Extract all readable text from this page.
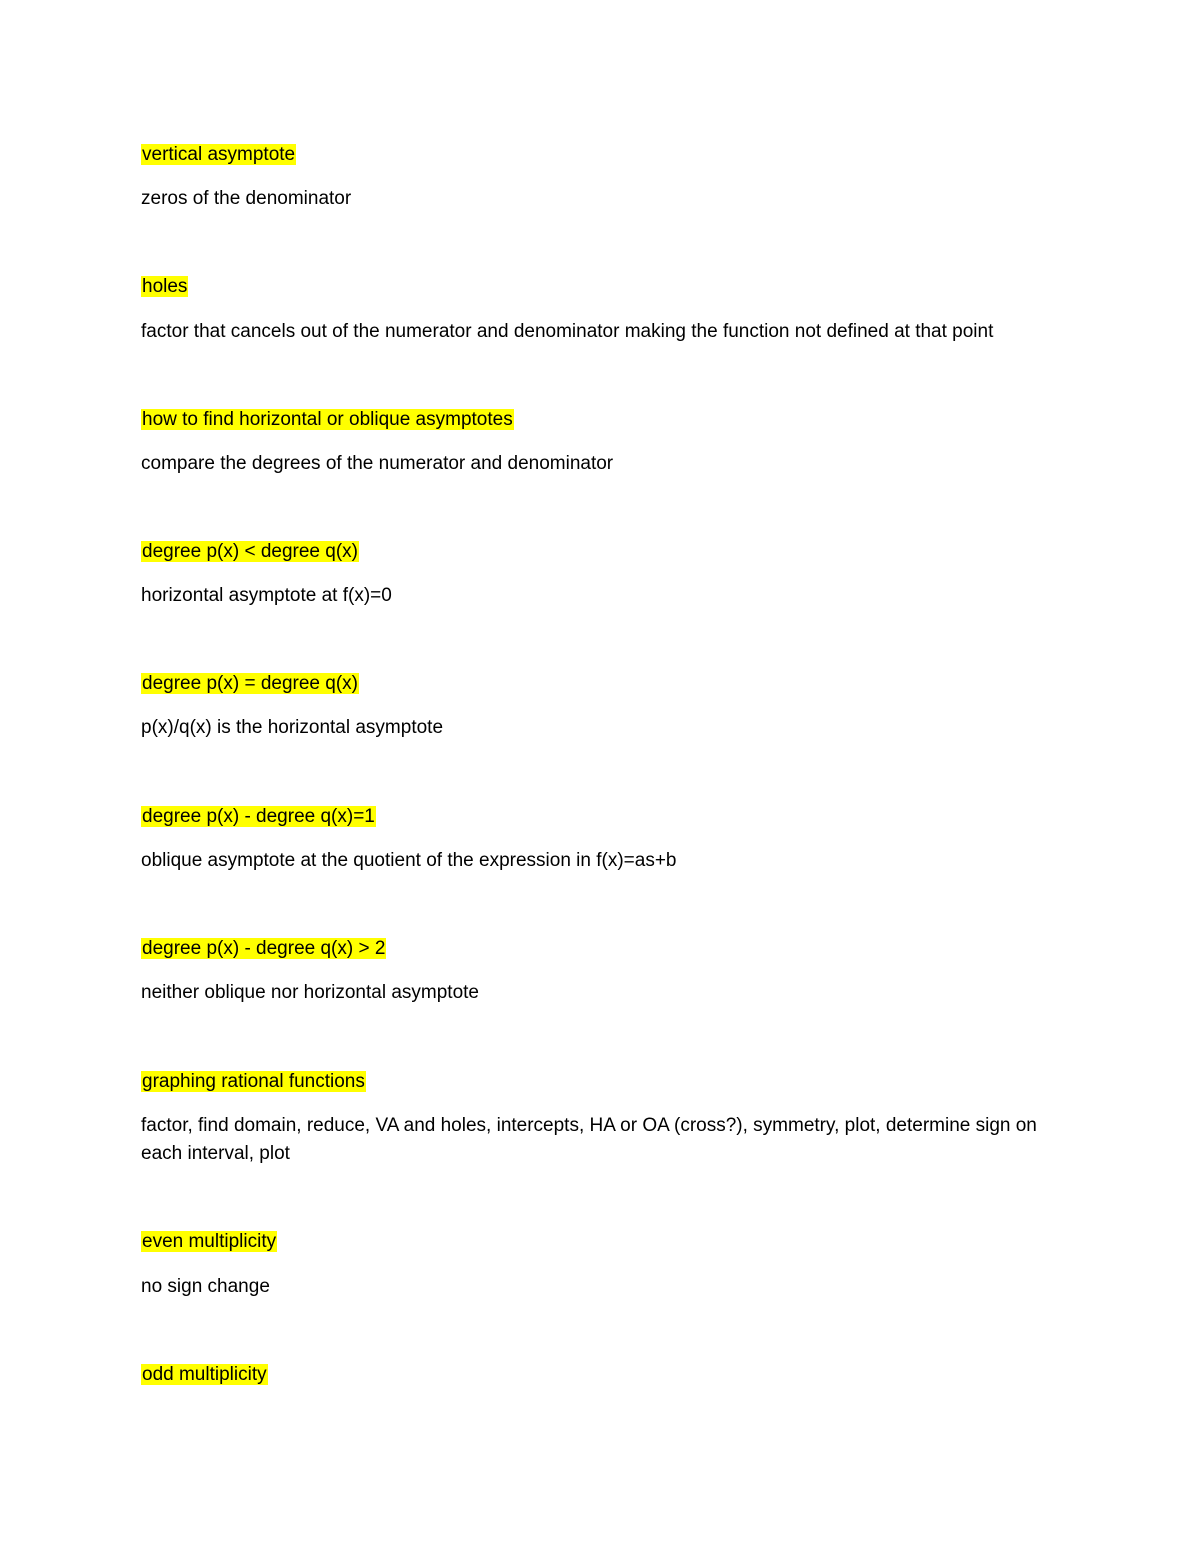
vertical asymptote

zeros of the denominator

holes

factor that cancels out of the numerator and denominator making the function not defined at that point

how to find horizontal or oblique asymptotes

compare the degrees of the numerator and denominator

degree p(x) < degree q(x)

horizontal asymptote at f(x)=0

degree p(x) = degree q(x)

p(x)/q(x) is the horizontal asymptote

degree p(x) - degree q(x)=1

oblique asymptote at the quotient of the expression in f(x)=as+b

degree p(x) - degree q(x) > 2

neither oblique nor horizontal asymptote

graphing rational functions

factor, find domain, reduce, VA and holes, intercepts, HA or OA (cross?), symmetry, plot, determine sign on each interval, plot

even multiplicity

no sign change

odd multiplicity
